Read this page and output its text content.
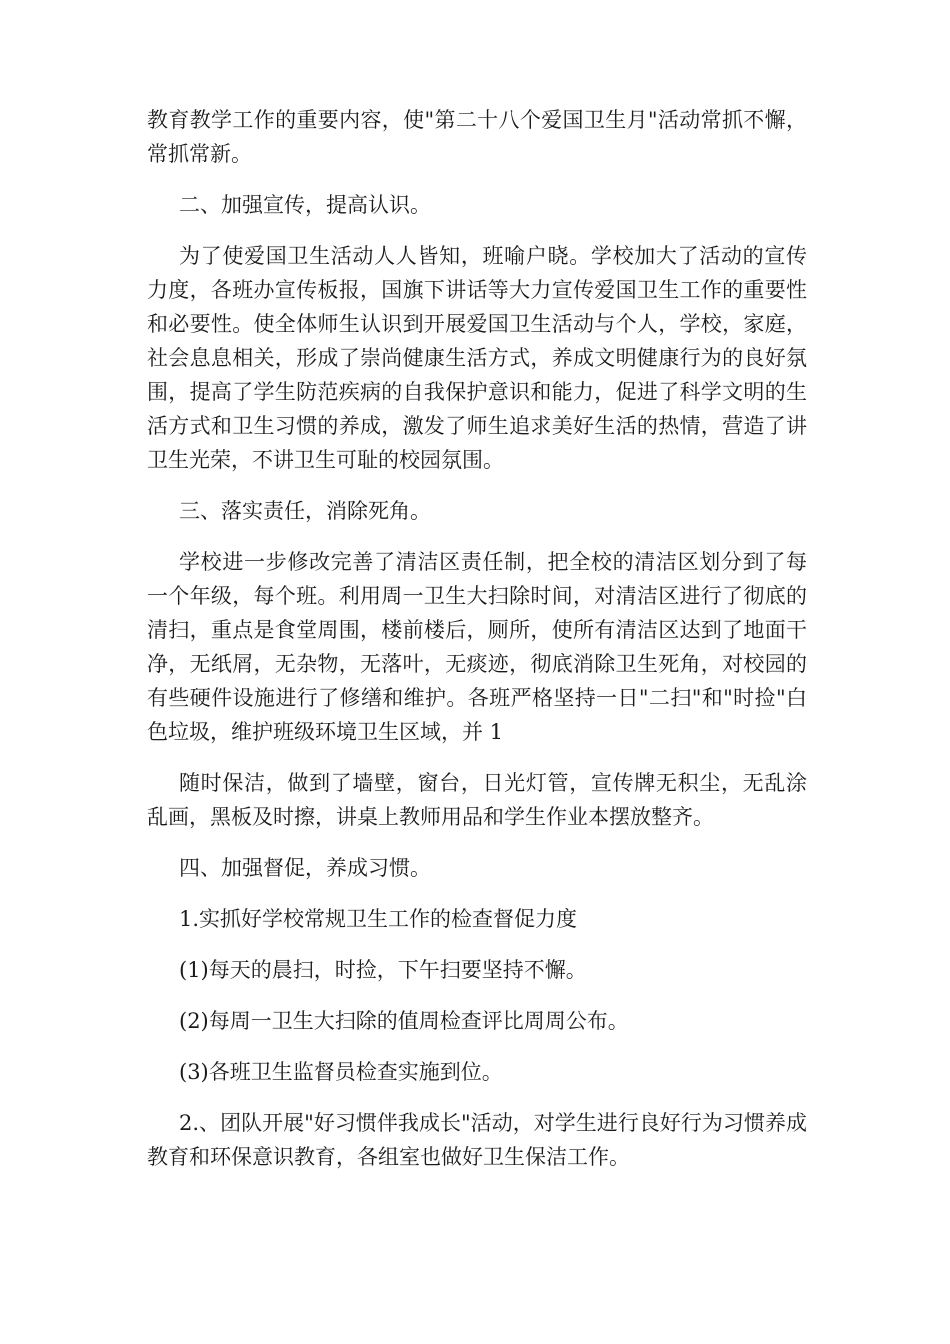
教育教学工作的重要内容，使"第二十八个爱国卫生月"活动常抓不懈，常抓常新。

二、加强宣传，提高认识。

为了使爱国卫生活动人人皆知，班喻户晓。学校加大了活动的宣传力度，各班办宣传板报，国旗下讲话等大力宣传爱国卫生工作的重要性和必要性。使全体师生认识到开展爱国卫生活动与个人，学校，家庭，社会息息相关，形成了崇尚健康生活方式，养成文明健康行为的良好氛围，提高了学生防范疾病的自我保护意识和能力，促进了科学文明的生活方式和卫生习惯的养成，激发了师生追求美好生活的热情，营造了讲卫生光荣，不讲卫生可耻的校园氛围。

三、落实责任，消除死角。

学校进一步修改完善了清洁区责任制，把全校的清洁区划分到了每一个年级，每个班。利用周一卫生大扫除时间，对清洁区进行了彻底的清扫，重点是食堂周围，楼前楼后，厕所，使所有清洁区达到了地面干净，无纸屑，无杂物，无落叶，无痰迹，彻底消除卫生死角，对校园的有些硬件设施进行了修缮和维护。各班严格坚持一日"二扫"和"时捡"白色垃圾，维护班级环境卫生区域，并 1

随时保洁，做到了墙壁，窗台，日光灯管，宣传牌无积尘，无乱涂乱画，黑板及时擦，讲桌上教师用品和学生作业本摆放整齐。

四、加强督促，养成习惯。

1.实抓好学校常规卫生工作的检查督促力度

(1)每天的晨扫，时捡，下午扫要坚持不懈。

(2)每周一卫生大扫除的值周检查评比周周公布。

(3)各班卫生监督员检查实施到位。

2.、团队开展"好习惯伴我成长"活动，对学生进行良好行为习惯养成教育和环保意识教育，各组室也做好卫生保洁工作。
